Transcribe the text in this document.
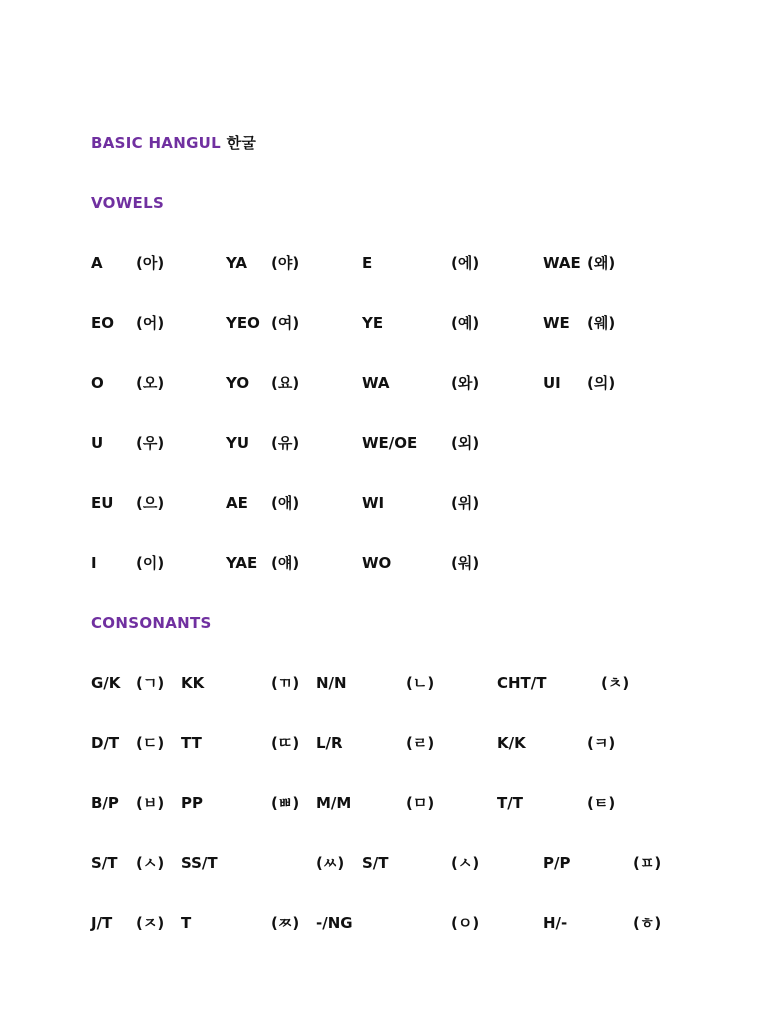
BASIC HANGUL 한굴
VOWELS
A (아)	YA (야)	E	(에)	WAE (왜)
EO (어)	YEO (여)	YE	(예)	WE (웨)
O (오)	YO (요)	WA	(와)	UI (의)
U (우)	YU (유)	WE/OE (외)
EU (으)	AE (애)	WI	(위)
I	(이)	YAE (얘)	WO	(워)
CONSONANTS
G/K (ㄱ) KK	(ㄲ) N/N	(ㄴ)	CHT/T	(ㅊ)
D/T (ㄷ) TT	(ㄸ) L/R	(ㄹ)	K/K	(ㅋ)
B/P (ㅂ) PP	(ㅃ) M/M	(ㅁ)	T/T	(ㅌ)
S/T (ㅅ) SS/T	(ㅆ) S/T	(ㅅ)	P/P	(ㅍ)
J/T (ㅈ) T	(ㅉ) -/NG	(ㅇ)	H/-	(ㅎ)
